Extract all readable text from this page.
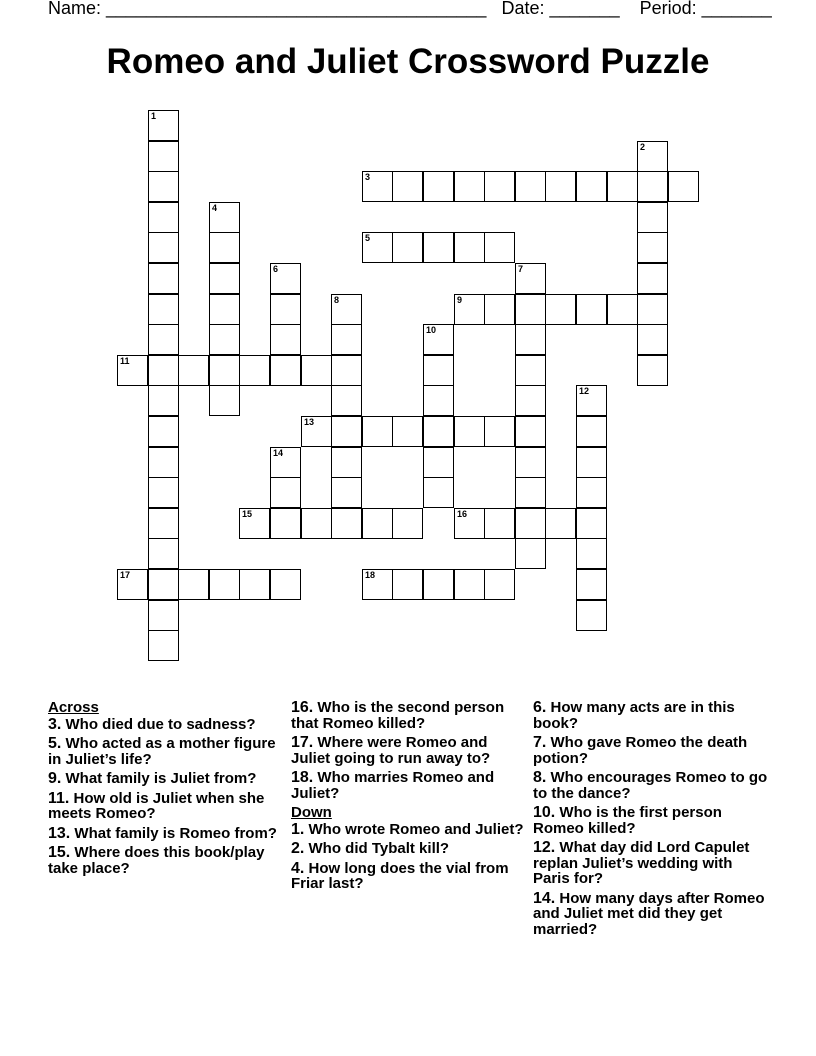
Name: ______________________________________ Date: _______ Period: _______
Romeo and Juliet Crossword Puzzle
1
2
3
4
5
6	7
8	9
10
11
12
13
14
15	16
17	18
Across
3. Who died due to sadness?
5. Who acted as a mother figure in Juliet’s life?
9. What family is Juliet from?
11. How old is Juliet when she meets Romeo?
13. What family is Romeo from?
15. Where does this book/play take place?
16. Who is the second person that Romeo killed?
17. Where were Romeo and Juliet going to run away to?
18. Who marries Romeo and Juliet?
Down
1. Who wrote Romeo and Juliet?
2. Who did Tybalt kill?
4. How long does the vial from Friar last?
6. How many acts are in this book?
7. Who gave Romeo the death potion?
8. Who encourages Romeo to go to the dance?
10. Who is the first person Romeo killed?
12. What day did Lord Capulet replan Juliet’s wedding with Paris for?
14. How many days after Romeo and Juliet met did they get married?
